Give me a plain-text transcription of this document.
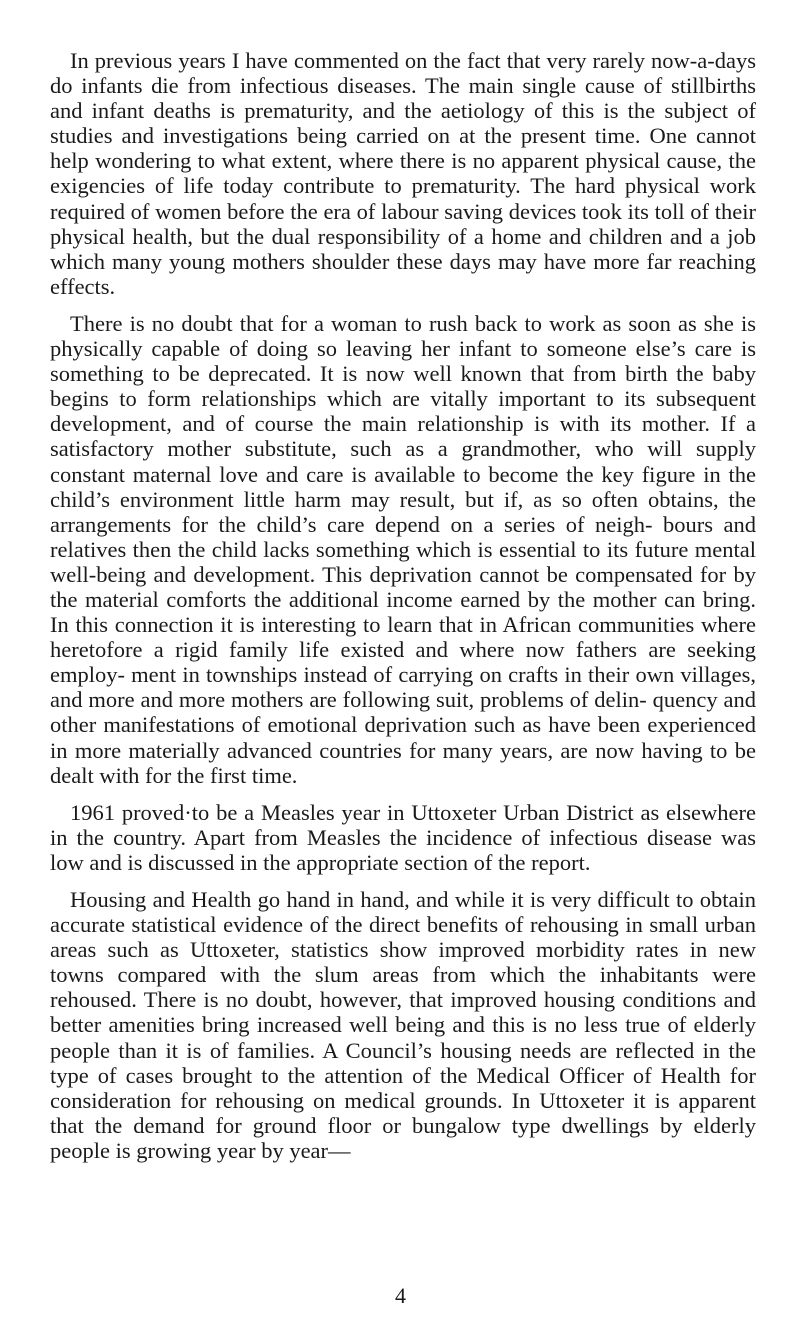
In previous years I have commented on the fact that very rarely now-a-days do infants die from infectious diseases. The main single cause of stillbirths and infant deaths is prematurity, and the aetiology of this is the subject of studies and investigations being carried on at the present time. One cannot help wondering to what extent, where there is no apparent physical cause, the exigencies of life today contribute to prematurity. The hard physical work required of women before the era of labour saving devices took its toll of their physical health, but the dual responsibility of a home and children and a job which many young mothers shoulder these days may have more far reaching effects.

There is no doubt that for a woman to rush back to work as soon as she is physically capable of doing so leaving her infant to someone else’s care is something to be deprecated. It is now well known that from birth the baby begins to form relationships which are vitally important to its subsequent development, and of course the main relationship is with its mother. If a satisfactory mother substitute, such as a grandmother, who will supply constant maternal love and care is available to become the key figure in the child’s environment little harm may result, but if, as so often obtains, the arrangements for the child’s care depend on a series of neigh- bours and relatives then the child lacks something which is essential to its future mental well-being and development. This deprivation cannot be compensated for by the material comforts the additional income earned by the mother can bring. In this connection it is interesting to learn that in African communities where heretofore a rigid family life existed and where now fathers are seeking employ- ment in townships instead of carrying on crafts in their own villages, and more and more mothers are following suit, problems of delin- quency and other manifestations of emotional deprivation such as have been experienced in more materially advanced countries for many years, are now having to be dealt with for the first time.

1961 proved·to be a Measles year in Uttoxeter Urban District as elsewhere in the country. Apart from Measles the incidence of infectious disease was low and is discussed in the appropriate section of the report.

Housing and Health go hand in hand, and while it is very difficult to obtain accurate statistical evidence of the direct benefits of rehousing in small urban areas such as Uttoxeter, statistics show improved morbidity rates in new towns compared with the slum areas from which the inhabitants were rehoused. There is no doubt, however, that improved housing conditions and better amenities bring increased well being and this is no less true of elderly people than it is of families. A Council’s housing needs are reflected in the type of cases brought to the attention of the Medical Officer of Health for consideration for rehousing on medical grounds. In Uttoxeter it is apparent that the demand for ground floor or bungalow type dwellings by elderly people is growing year by year—

4
